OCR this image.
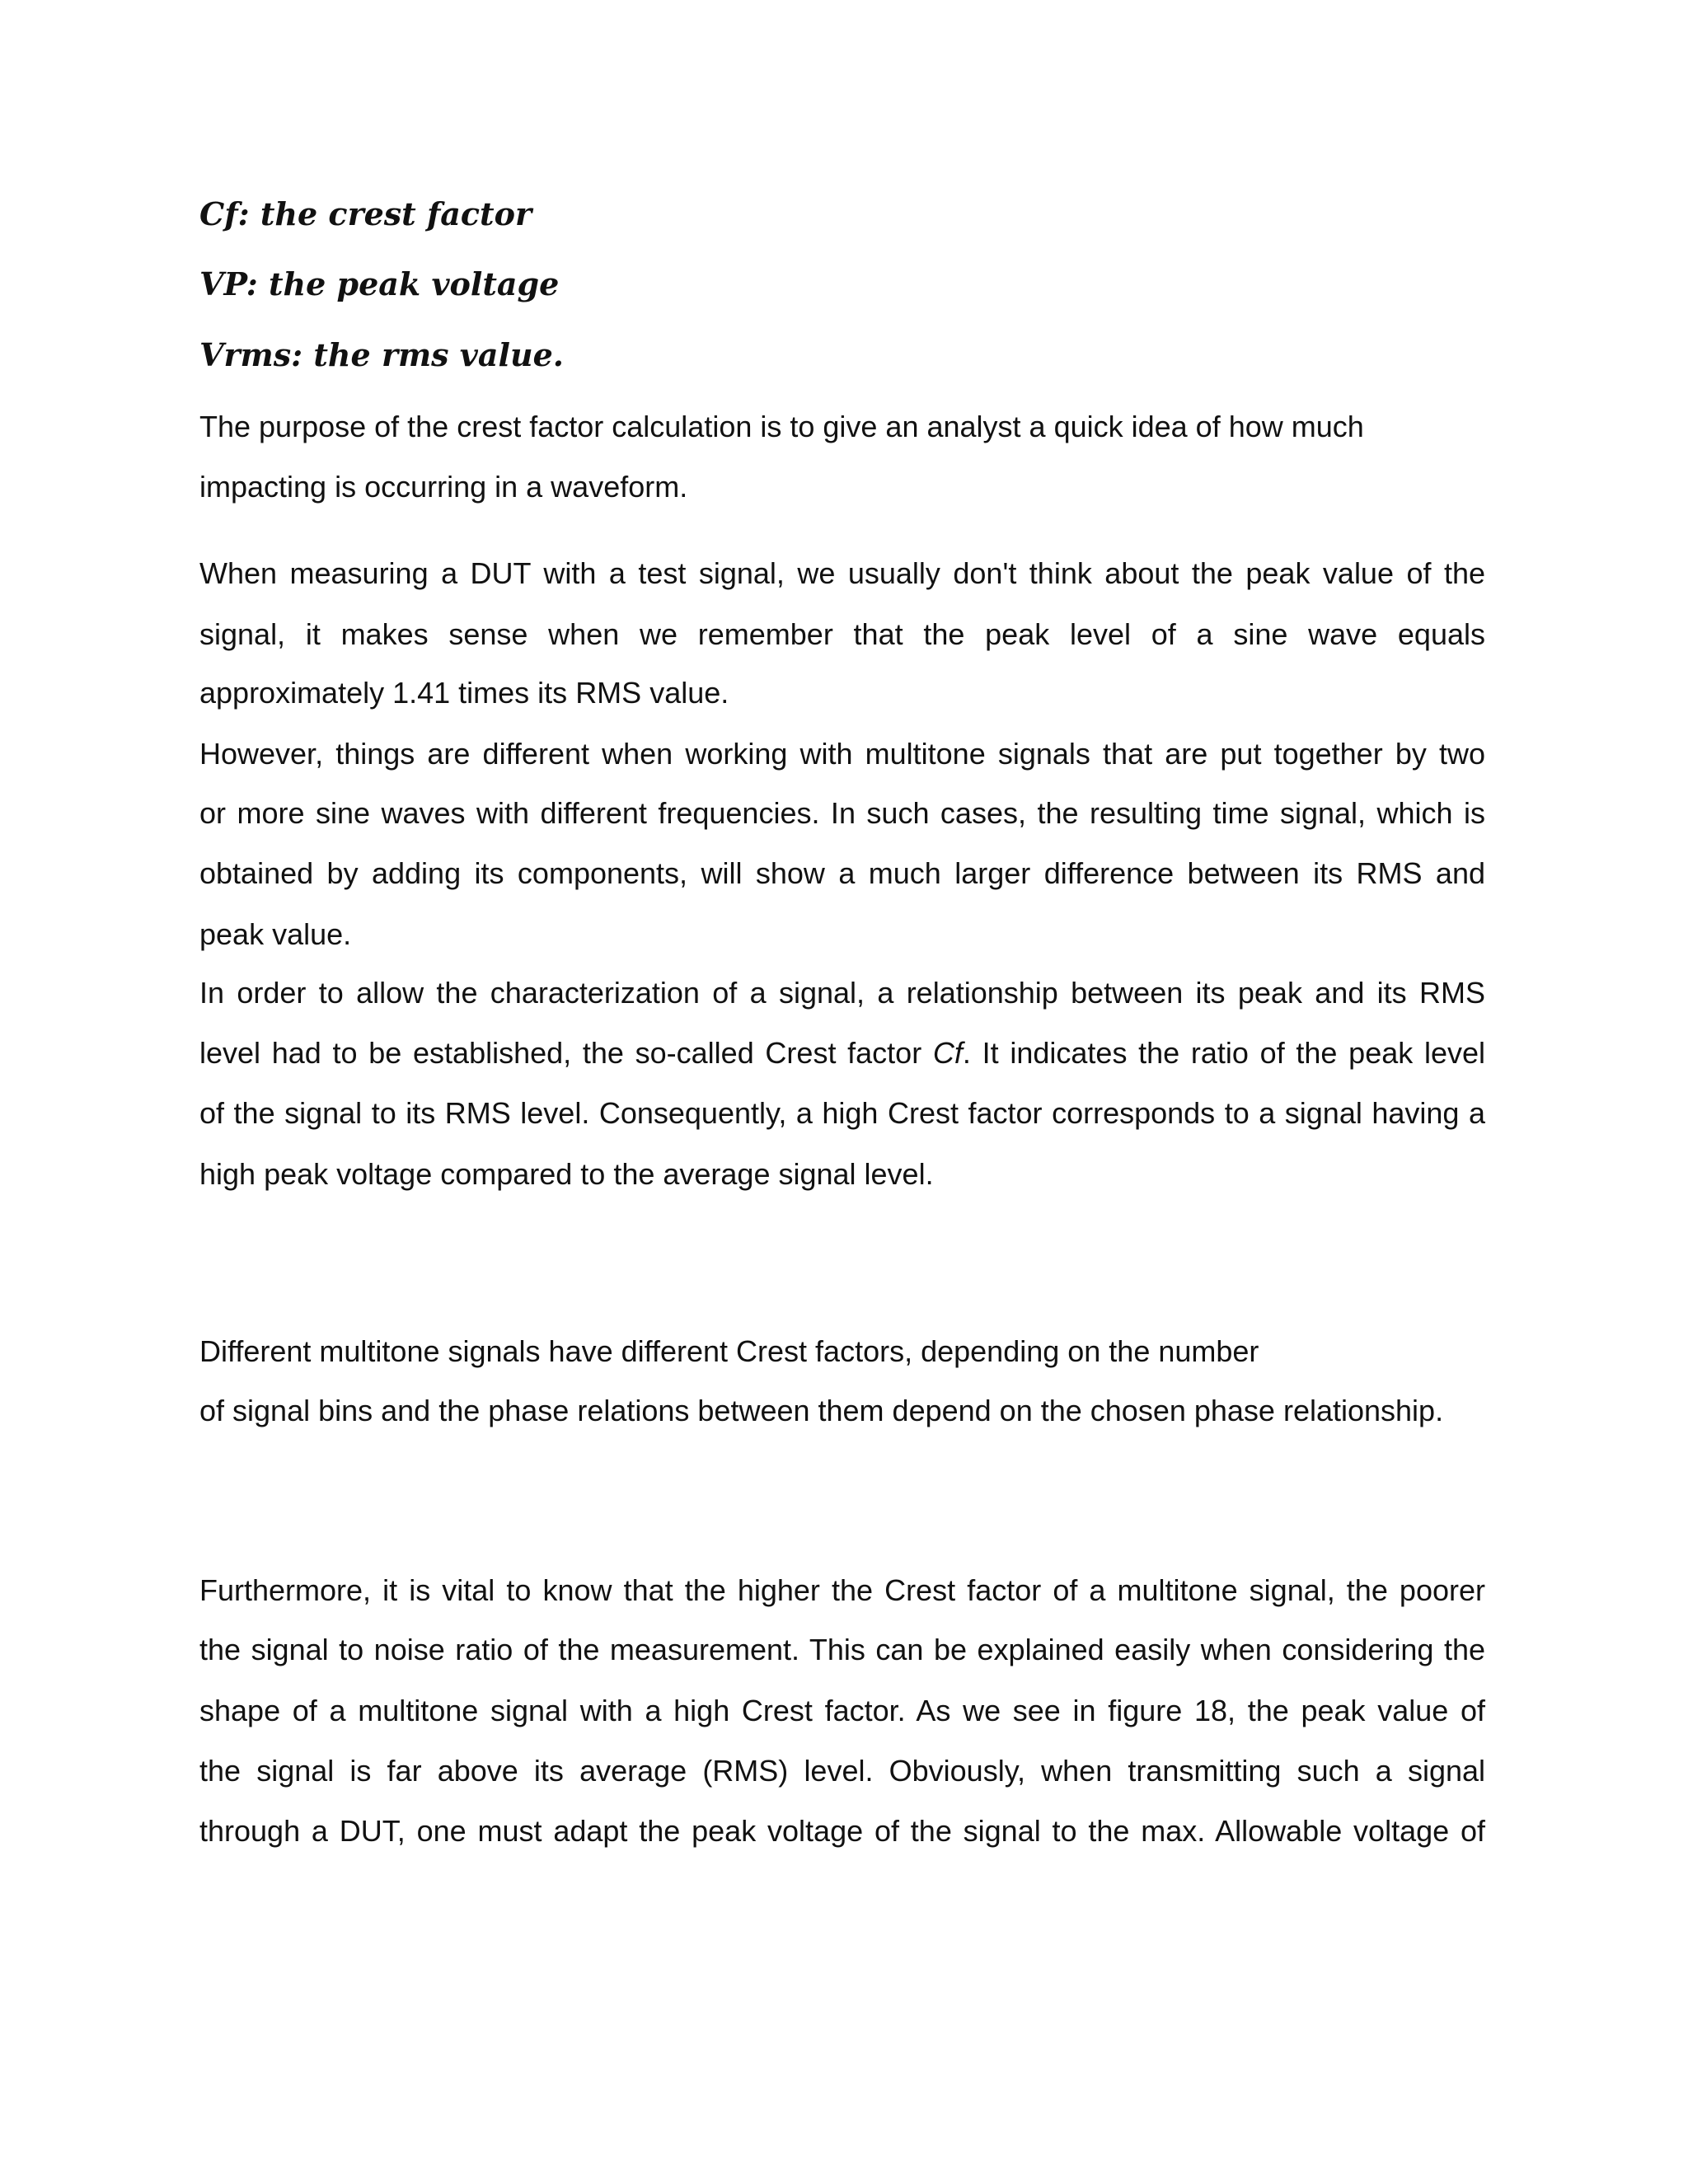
Cf: the crest factor
VP: the peak voltage
Vrms: the rms value.
The purpose of the crest factor calculation is to give an analyst a quick idea of how much
impacting is occurring in a waveform.
When measuring a DUT with a test signal, we usually don't think about the peak value of the
signal, it makes sense when we remember that the peak level of a sine wave equals
approximately 1.41 times its RMS value.
However, things are different when working with multitone signals that are put together by two
or more sine waves with different frequencies. In such cases, the resulting time signal, which is
obtained by adding its components, will show a much larger difference between its RMS and
peak value.
In order to allow the characterization of a signal, a relationship between its peak and its RMS
level had to be established, the so-called Crest factor Cf. It indicates the ratio of the peak level
of the signal to its RMS level. Consequently, a high Crest factor corresponds to a signal having a
high peak voltage compared to the average signal level.
Different multitone signals have different Crest factors, depending on the number
of signal bins and the phase relations between them depend on the chosen phase relationship.
Furthermore, it is vital to know that the higher the Crest factor of a multitone signal, the poorer
the signal to noise ratio of the measurement. This can be explained easily when considering the
shape of a multitone signal with a high Crest factor. As we see in figure 18, the peak value of
the signal is far above its average (RMS) level. Obviously, when transmitting such a signal
through a DUT, one must adapt the peak voltage of the signal to the max. Allowable voltage of
